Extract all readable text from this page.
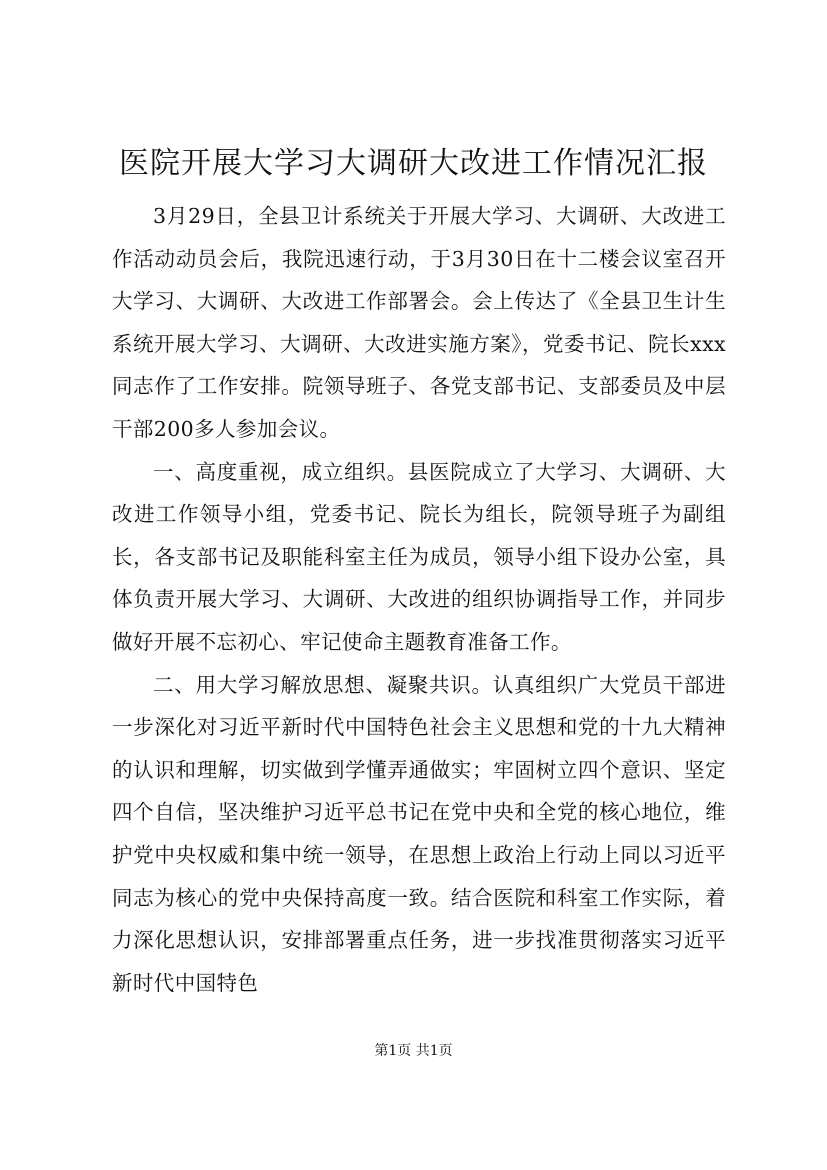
医院开展大学习大调研大改进工作情况汇报

3月29日，全县卫计系统关于开展大学习、大调研、大改进工作活动动员会后，我院迅速行动，于3月30日在十二楼会议室召开大学习、大调研、大改进工作部署会。会上传达了《全县卫生计生系统开展大学习、大调研、大改进实施方案》，党委书记、院长xxx同志作了工作安排。院领导班子、各党支部书记、支部委员及中层干部200多人参加会议。

一、高度重视，成立组织。县医院成立了大学习、大调研、大改进工作领导小组，党委书记、院长为组长，院领导班子为副组长，各支部书记及职能科室主任为成员，领导小组下设办公室，具体负责开展大学习、大调研、大改进的组织协调指导工作，并同步做好开展不忘初心、牢记使命主题教育准备工作。

二、用大学习解放思想、凝聚共识。认真组织广大党员干部进一步深化对习近平新时代中国特色社会主义思想和党的十九大精神的认识和理解，切实做到学懂弄通做实；牢固树立四个意识、坚定四个自信，坚决维护习近平总书记在党中央和全党的核心地位，维护党中央权威和集中统一领导，在思想上政治上行动上同以习近平同志为核心的党中央保持高度一致。结合医院和科室工作实际，着力深化思想认识，安排部署重点任务，进一步找准贯彻落实习近平新时代中国特色

第1页 共1页
